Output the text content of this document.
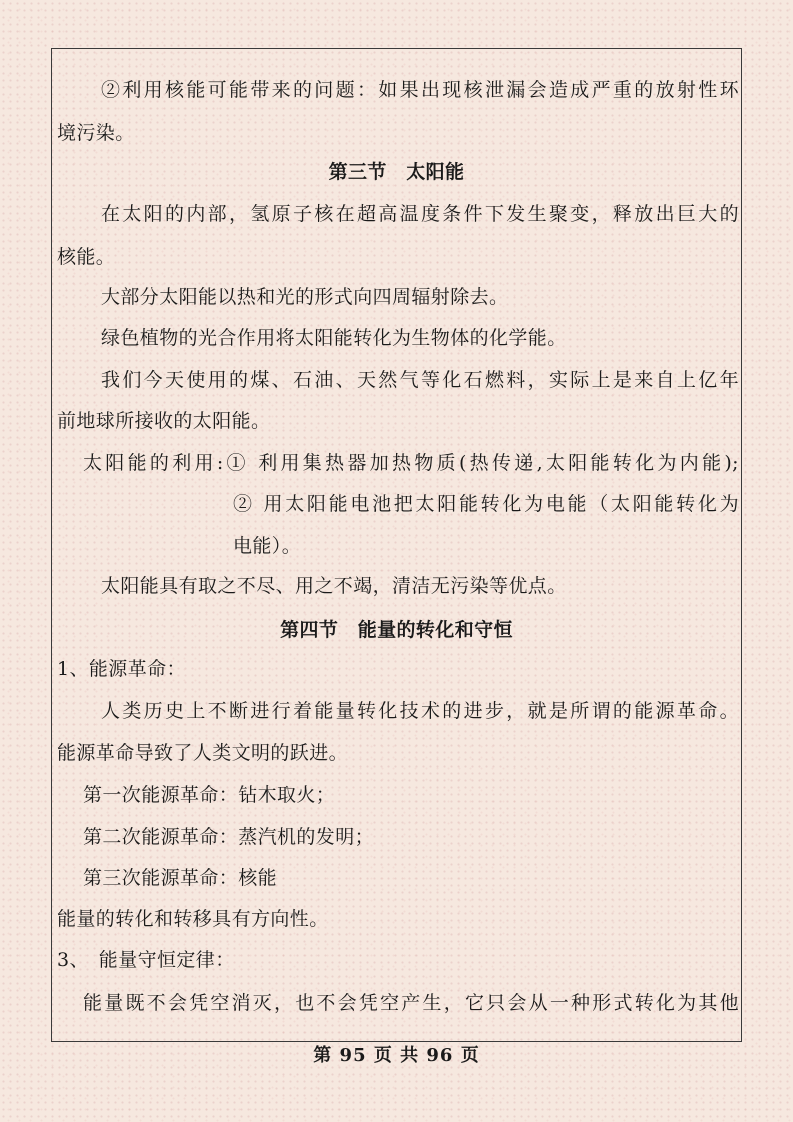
②利用核能可能带来的问题：如果出现核泄漏会造成严重的放射性环
境污染。
第三节　太阳能
在太阳的内部，氢原子核在超高温度条件下发生聚变，释放出巨大的
核能。
大部分太阳能以热和光的形式向四周辐射除去。
绿色植物的光合作用将太阳能转化为生物体的化学能。
我们今天使用的煤、石油、天然气等化石燃料，实际上是来自上亿年
前地球所接收的太阳能。
太阳能的利用:① 利用集热器加热物质(热传递,太阳能转化为内能);
② 用太阳能电池把太阳能转化为电能（太阳能转化为
电能）。
太阳能具有取之不尽、用之不竭，清洁无污染等优点。
第四节　能量的转化和守恒
1、能源革命：
人类历史上不断进行着能量转化技术的进步，就是所谓的能源革命。
能源革命导致了人类文明的跃进。
第一次能源革命：钻木取火；
第二次能源革命：蒸汽机的发明；
第三次能源革命：核能
能量的转化和转移具有方向性。
3、　能量守恒定律：
能量既不会凭空消灭，也不会凭空产生，它只会从一种形式转化为其他
第 95 页 共 96 页
